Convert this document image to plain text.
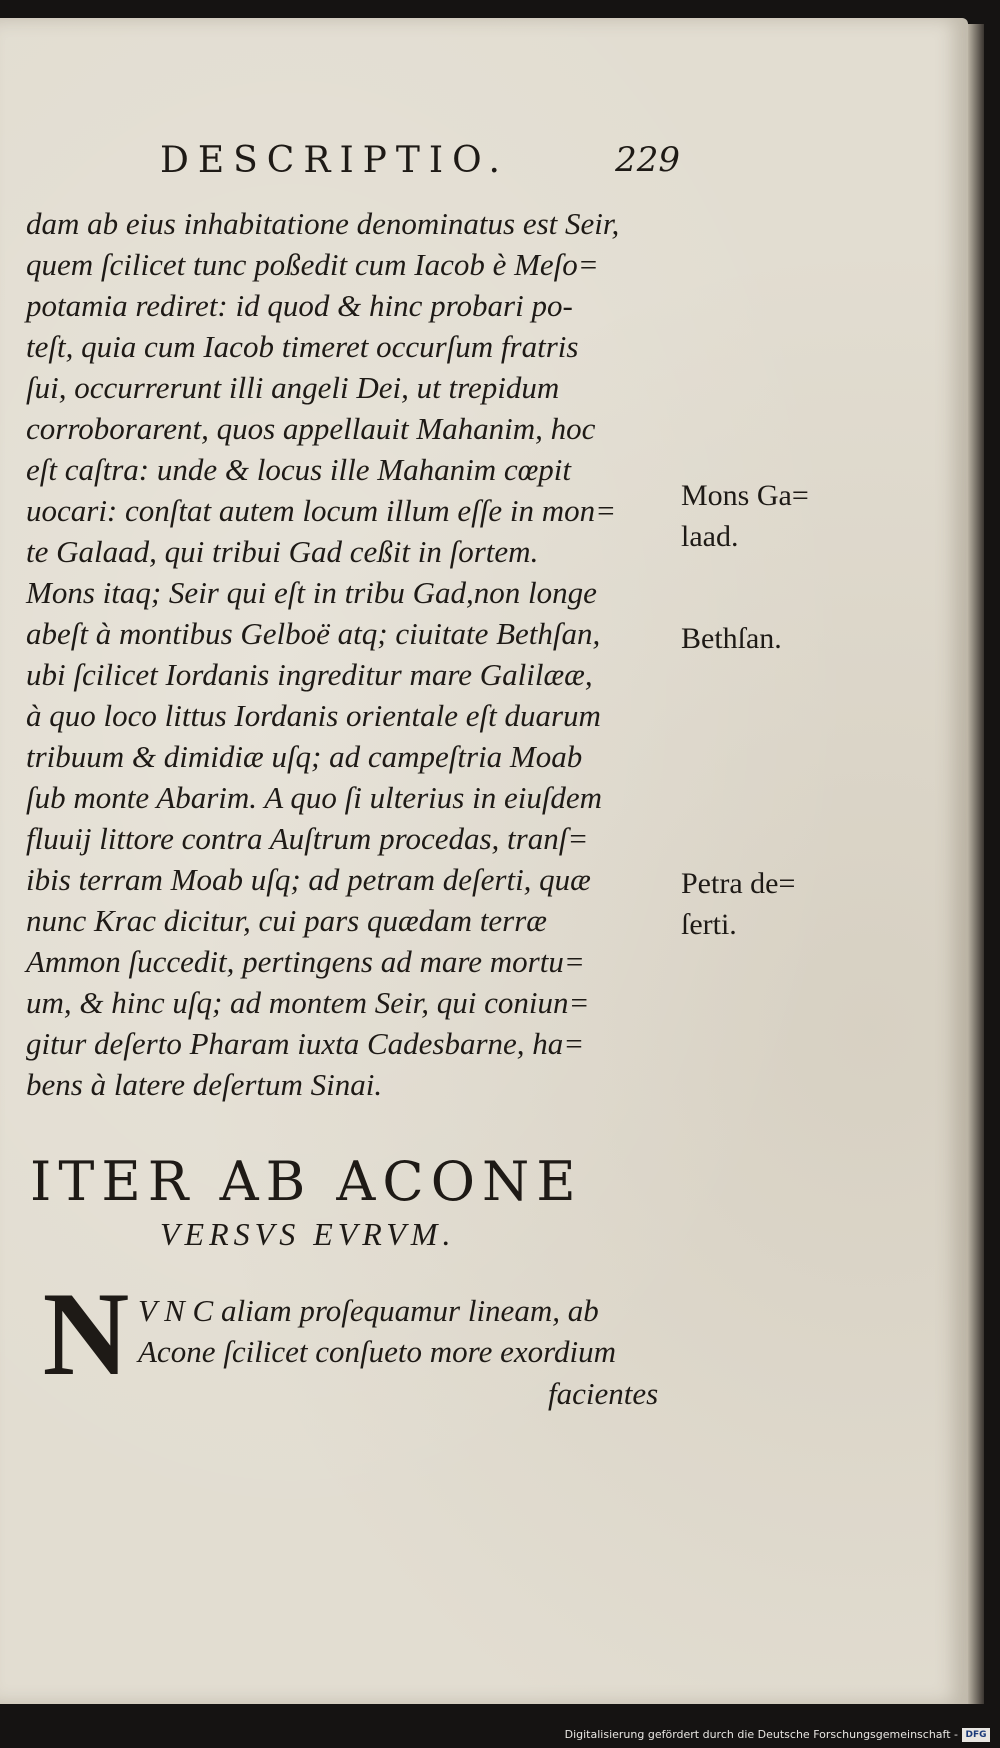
DESCRIPTIO.	229
dam ab eius inhabitatione denominatus est Seir,
quem ſcilicet tunc poßedit cum Iacob è Meſo=
potamia rediret: id quod & hinc probari po-
teſt, quia cum Iacob timeret occurſum fratris
ſui, occurrerunt illi angeli Dei, ut trepidum
corroborarent, quos appellauit Mahanim, hoc
eſt caſtra: unde & locus ille Mahanim cœpit
uocari: conſtat autem locum illum eſſe in mon=
te Galaad, qui tribui Gad ceßit in ſortem.
Mons itaq; Seir qui eſt in tribu Gad,non longe
abeſt à montibus Gelboë atq; ciuitate Bethſan,
ubi ſcilicet Iordanis ingreditur mare Galilææ,
à quo loco littus Iordanis orientale eſt duarum
tribuum & dimidiæ uſq; ad campeſtria Moab
ſub monte Abarim. A quo ſi ulterius in eiuſdem
fluuij littore contra Auſtrum procedas, tranſ=
ibis terram Moab uſq; ad petram deſerti, quæ
nunc Krac dicitur, cui pars quædam terræ
Ammon ſuccedit, pertingens ad mare mortu=
um, & hinc uſq; ad montem Seir, qui coniun=
gitur deſerto Pharam iuxta Cadesbarne, ha=
bens à latere deſertum Sinai.
Mons Ga=
laad.
Bethſan.
Petra de=
ſerti.
ITER AB ACONE
VERSVS EVRVM.
N V N C aliam proſequamur lineam, ab
Acone ſcilicet conſueto more exordium
facientes
Digitalisierung gefördert durch die Deutsche Forschungsgemeinschaft - DFG
